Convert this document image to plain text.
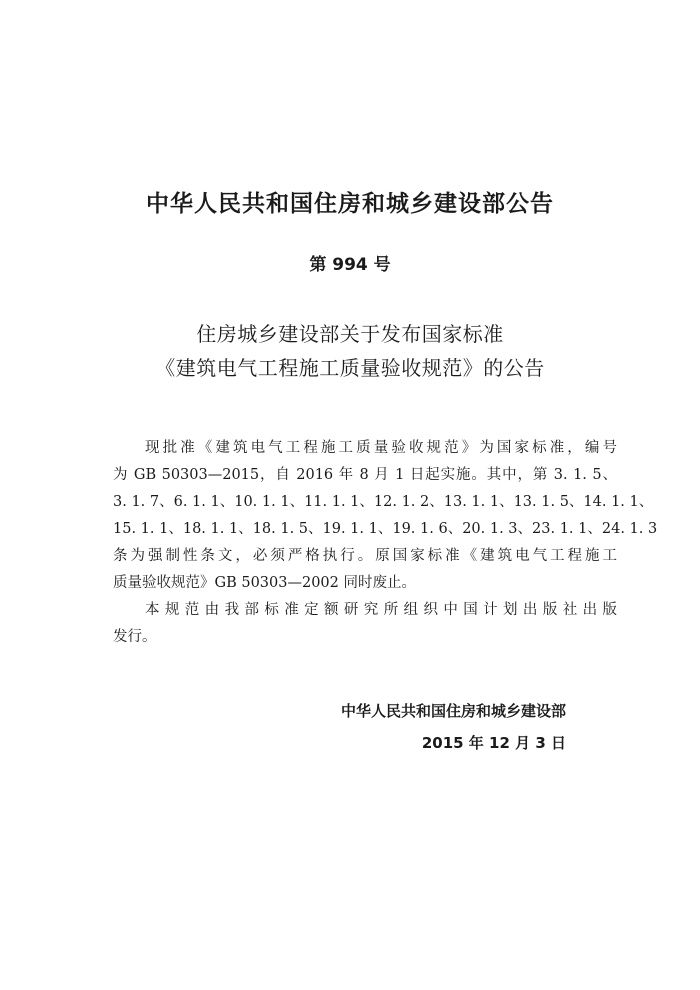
中华人民共和国住房和城乡建设部公告
第 994 号
住房城乡建设部关于发布国家标准
《建筑电气工程施工质量验收规范》的公告
现批准《建筑电气工程施工质量验收规范》为国家标准，编号
为 GB 50303—2015，自 2016 年 8 月 1 日起实施。其中，第 3. 1. 5、
3. 1. 7、6. 1. 1、10. 1. 1、11. 1. 1、12. 1. 2、13. 1. 1、13. 1. 5、14. 1. 1、
15. 1. 1、18. 1. 1、18. 1. 5、19. 1. 1、19. 1. 6、20. 1. 3、23. 1. 1、24. 1. 3
条为强制性条文，必须严格执行。原国家标准《建筑电气工程施工
质量验收规范》GB 50303—2002 同时废止。
本规范由我部标准定额研究所组织中国计划出版社出版
发行。
中华人民共和国住房和城乡建设部
2015 年 12 月 3 日
